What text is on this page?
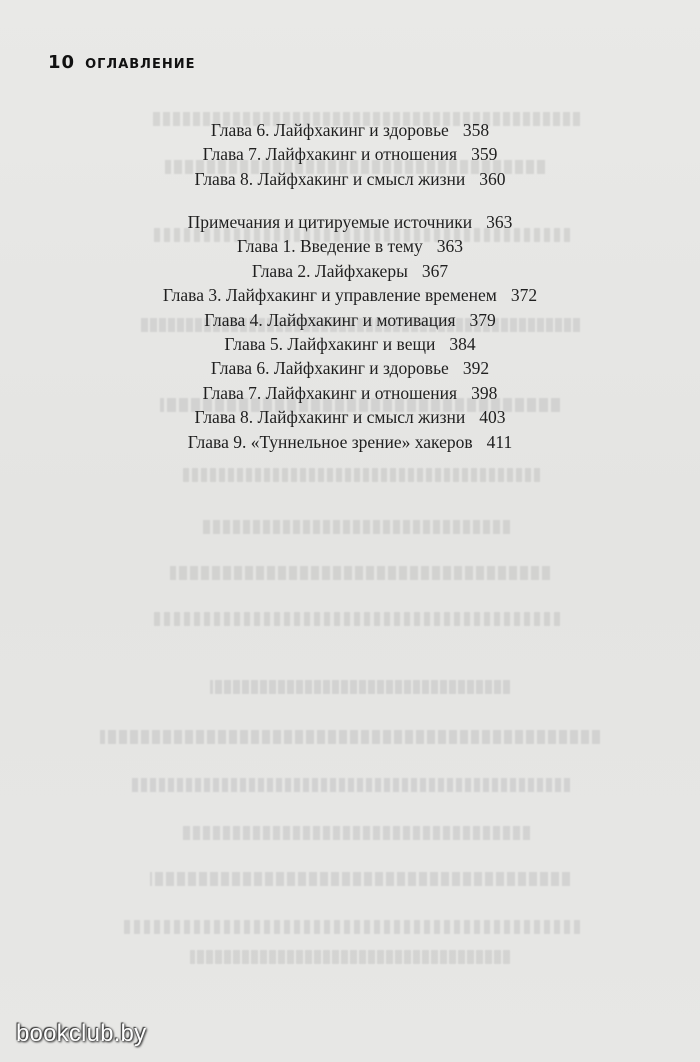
10 ОГЛАВЛЕНИЕ
Глава 6. Лайфхакинг и здоровье 358
Глава 7. Лайфхакинг и отношения 359
Глава 8. Лайфхакинг и смысл жизни 360
Примечания и цитируемые источники 363
Глава 1. Введение в тему 363
Глава 2. Лайфхакеры 367
Глава 3. Лайфхакинг и управление временем 372
Глава 4. Лайфхакинг и мотивация 379
Глава 5. Лайфхакинг и вещи 384
Глава 6. Лайфхакинг и здоровье 392
Глава 7. Лайфхакинг и отношения 398
Глава 8. Лайфхакинг и смысл жизни 403
Глава 9. «Туннельное зрение» хакеров 411
bookclub.by
